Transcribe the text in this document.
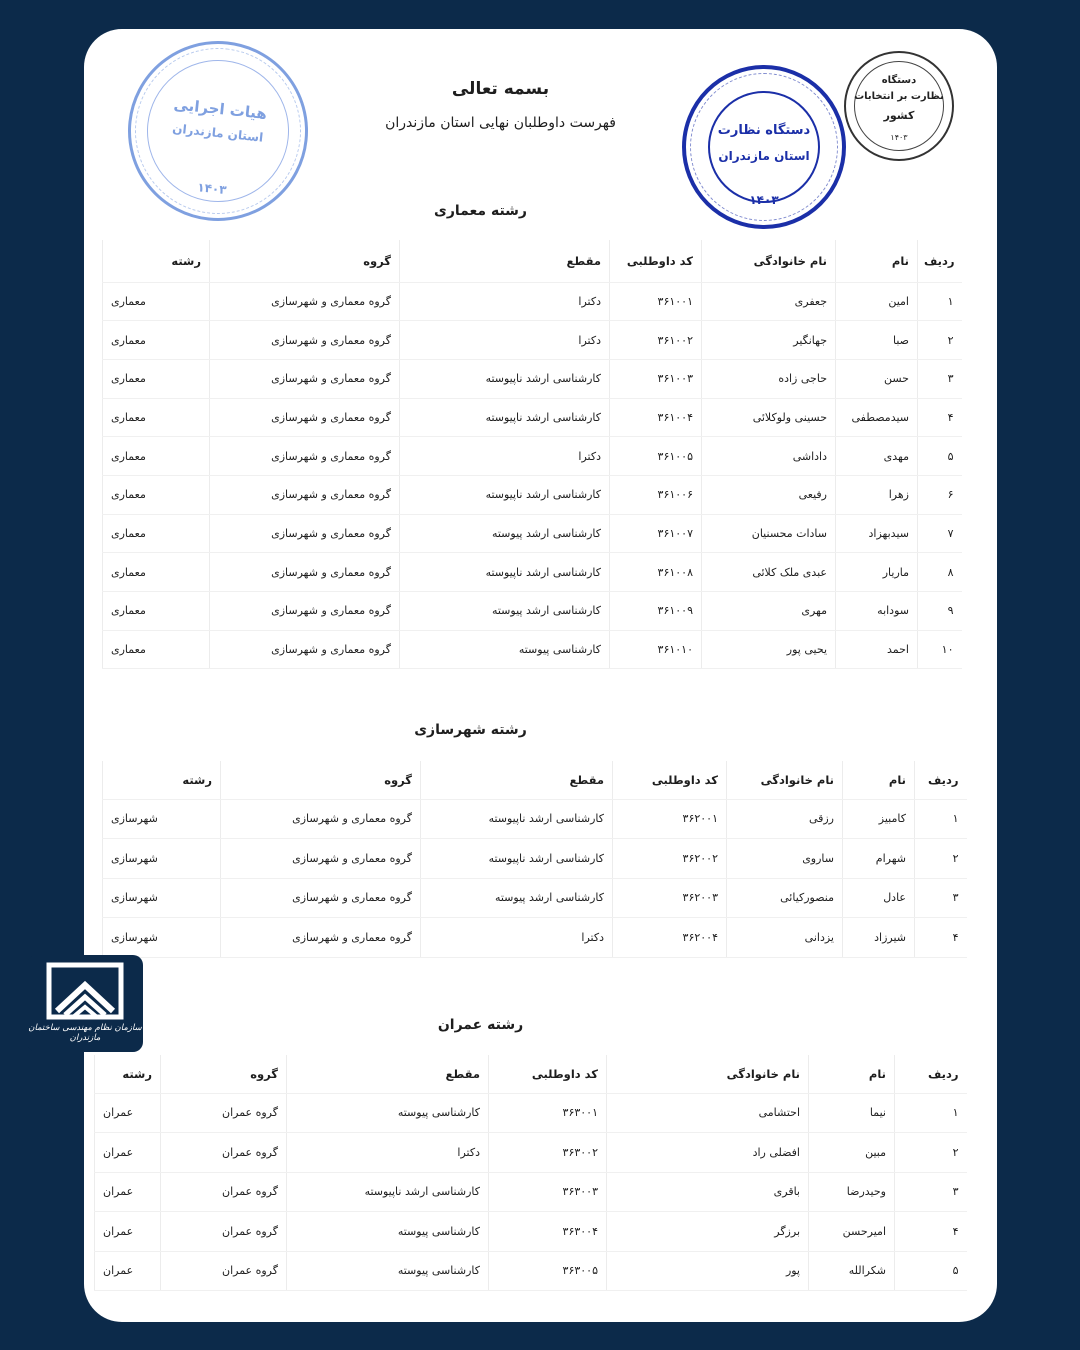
هیات اجرایی
استان مازندران
۱۴۰۳
دستگاه نظارت
استان مازندران
۱۴۰۳
دستگاه
نظارت بر انتخابات
کشور
۱۴۰۳
بسمه تعالی
فهرست داوطلبان نهایی استان مازندران
رشته معماری
ردیف	نام	نام خانوادگی	کد داوطلبی	مقطع	گروه	رشته
۱	امین	جعفری	۳۶۱۰۰۱	دکترا	گروه معماری و شهرسازی	معماری
۲	صبا	جهانگیر	۳۶۱۰۰۲	دکترا	گروه معماری و شهرسازی	معماری
۳	حسن	حاجی زاده	۳۶۱۰۰۳	کارشناسی ارشد ناپیوسته	گروه معماری و شهرسازی	معماری
۴	سیدمصطفی	حسینی ولوکلائی	۳۶۱۰۰۴	کارشناسی ارشد ناپیوسته	گروه معماری و شهرسازی	معماری
۵	مهدی	داداشی	۳۶۱۰۰۵	دکترا	گروه معماری و شهرسازی	معماری
۶	زهرا	رفیعی	۳۶۱۰۰۶	کارشناسی ارشد ناپیوسته	گروه معماری و شهرسازی	معماری
۷	سیدبهزاد	سادات محسنیان	۳۶۱۰۰۷	کارشناسی ارشد پیوسته	گروه معماری و شهرسازی	معماری
۸	ماریار	عبدی ملک کلائی	۳۶۱۰۰۸	کارشناسی ارشد ناپیوسته	گروه معماری و شهرسازی	معماری
۹	سودابه	مهری	۳۶۱۰۰۹	کارشناسی ارشد پیوسته	گروه معماری و شهرسازی	معماری
۱۰	احمد	یحیی پور	۳۶۱۰۱۰	کارشناسی پیوسته	گروه معماری و شهرسازی	معماری
رشته شهرسازی
ردیف	نام	نام خانوادگی	کد داوطلبی	مقطع	گروه	رشته
۱	کامبیز	رزقی	۳۶۲۰۰۱	کارشناسی ارشد ناپیوسته	گروه معماری و شهرسازی	شهرسازی
۲	شهرام	ساروی	۳۶۲۰۰۲	کارشناسی ارشد ناپیوسته	گروه معماری و شهرسازی	شهرسازی
۳	عادل	منصورکیائی	۳۶۲۰۰۳	کارشناسی ارشد پیوسته	گروه معماری و شهرسازی	شهرسازی
۴	شیرزاد	یزدانی	۳۶۲۰۰۴	دکترا	گروه معماری و شهرسازی	شهرسازی
رشته عمران
ردیف	نام	نام خانوادگی	کد داوطلبی	مقطع	گروه	رشته
۱	نیما	احتشامی	۳۶۳۰۰۱	کارشناسی پیوسته	گروه عمران	عمران
۲	مبین	افضلی راد	۳۶۳۰۰۲	دکترا	گروه عمران	عمران
۳	وحیدرضا	باقری	۳۶۳۰۰۳	کارشناسی ارشد ناپیوسته	گروه عمران	عمران
۴	امیرحسن	برزگر	۳۶۳۰۰۴	کارشناسی پیوسته	گروه عمران	عمران
۵	شکرالله	پور	۳۶۳۰۰۵	کارشناسی پیوسته	گروه عمران	عمران
سازمان نظام مهندسی ساختمان مازندران
